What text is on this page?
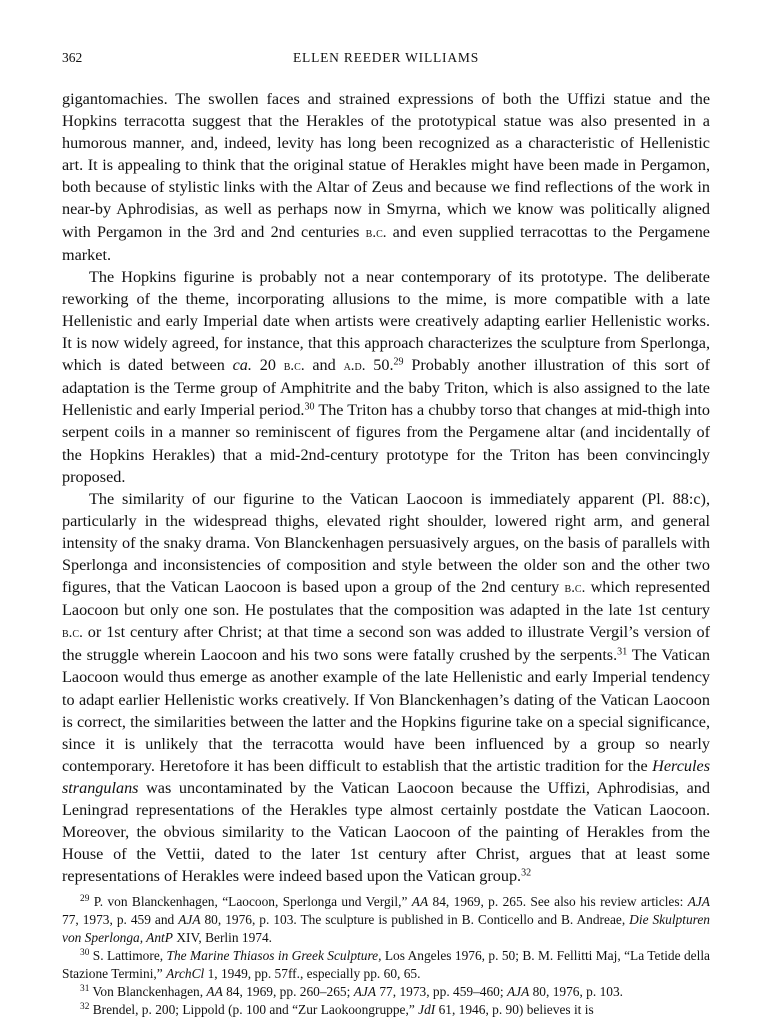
362	ELLEN REEDER WILLIAMS

gigantomachies. The swollen faces and strained expressions of both the Uffizi statue and the Hopkins terracotta suggest that the Herakles of the prototypical statue was also presented in a humorous manner, and, indeed, levity has long been recognized as a characteristic of Hellenistic art. It is appealing to think that the original statue of Herakles might have been made in Pergamon, both because of stylistic links with the Altar of Zeus and because we find reflections of the work in near-by Aphrodisias, as well as perhaps now in Smyrna, which we know was politically aligned with Pergamon in the 3rd and 2nd centuries b.c. and even supplied terracottas to the Pergamene market.

The Hopkins figurine is probably not a near contemporary of its prototype. The deliberate reworking of the theme, incorporating allusions to the mime, is more compatible with a late Hellenistic and early Imperial date when artists were creatively adapting earlier Hellenistic works. It is now widely agreed, for instance, that this approach characterizes the sculpture from Sperlonga, which is dated between ca. 20 b.c. and a.d. 50.29 Probably another illustration of this sort of adaptation is the Terme group of Amphitrite and the baby Triton, which is also assigned to the late Hellenistic and early Imperial period.$^{30}$ The Triton has a chubby torso that changes at mid-thigh into serpent coils in a manner so reminiscent of figures from the Pergamene altar (and incidentally of the Hopkins Herakles) that a mid-2nd-century prototype for the Triton has been convincingly proposed.

The similarity of our figurine to the Vatican Laocoon is immediately apparent (Pl. 88:c), particularly in the widespread thighs, elevated right shoulder, lowered right arm, and general intensity of the snaky drama. Von Blanckenhagen persuasively argues, on the basis of parallels with Sperlonga and inconsistencies of composition and style between the older son and the other two figures, that the Vatican Laocoon is based upon a group of the 2nd century b.c. which represented Laocoon but only one son. He postulates that the composition was adapted in the late 1st century b.c. or 1st century after Christ; at that time a second son was added to illustrate Vergil’s version of the struggle wherein Laocoon and his two sons were fatally crushed by the serpents.$^{31}$ The Vatican Laocoon would thus emerge as another example of the late Hellenistic and early Imperial tendency to adapt earlier Hellenistic works creatively. If Von Blanckenhagen’s dating of the Vatican Laocoon is correct, the similarities between the latter and the Hopkins figurine take on a special significance, since it is unlikely that the terracotta would have been influenced by a group so nearly contemporary. Heretofore it has been difficult to establish that the artistic tradition for the Hercules strangulans was uncontaminated by the Vatican Laocoon because the Uffizi, Aphrodisias, and Leningrad representations of the Herakles type almost certainly postdate the Vatican Laocoon. Moreover, the obvious similarity to the Vatican Laocoon of the painting of Herakles from the House of the Vettii, dated to the later 1st century after Christ, argues that at least some representations of Herakles were indeed based upon the Vatican group.$^{32}$

$^{29}$ P. von Blanckenhagen, “Laocoon, Sperlonga und Vergil,” AA 84, 1969, p. 265. See also his review articles: AJA 77, 1973, p. 459 and AJA 80, 1976, p. 103. The sculpture is published in B. Conticello and B. Andreae, Die Skulpturen von Sperlonga, AntP XIV, Berlin 1974.

$^{30}$ S. Lattimore, The Marine Thiasos in Greek Sculpture, Los Angeles 1976, p. 50; B. M. Fellitti Maj, “La Tetide della Stazione Termini,” ArchCl 1, 1949, pp. 57ff., especially pp. 60, 65.

$^{31}$ Von Blanckenhagen, AA 84, 1969, pp. 260–265; AJA 77, 1973, pp. 459–460; AJA 80, 1976, p. 103.

$^{32}$ Brendel, p. 200; Lippold (p. 100 and “Zur Laokoongruppe,” JdI 61, 1946, p. 90) believes it is
